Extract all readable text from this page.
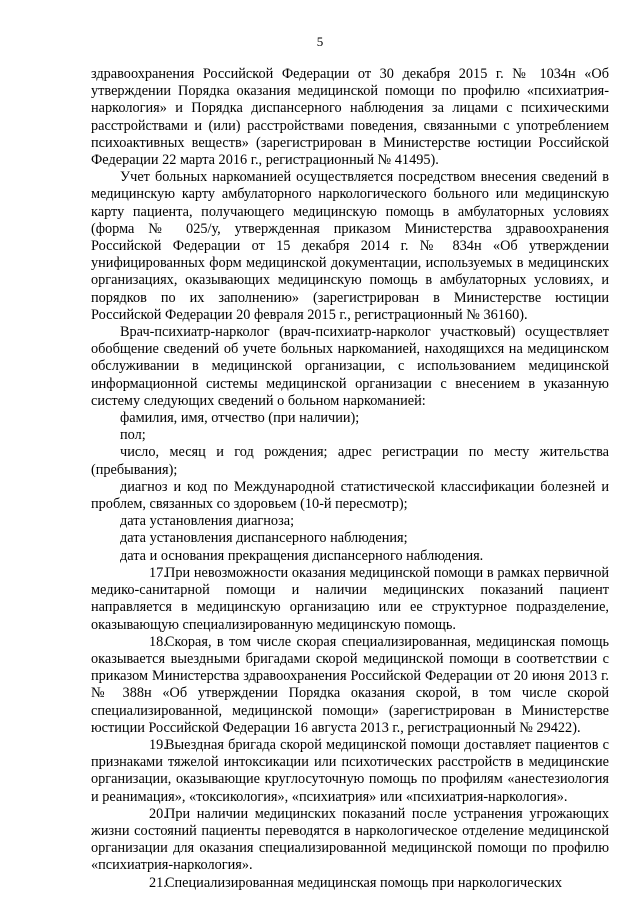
5

здравоохранения Российской Федерации от 30 декабря 2015 г. № 1034н «Об утверждении Порядка оказания медицинской помощи по профилю «психиатрия-наркология» и Порядка диспансерного наблюдения за лицами с психическими расстройствами и (или) расстройствами поведения, связанными с употреблением психоактивных веществ» (зарегистрирован в Министерстве юстиции Российской Федерации 22 марта 2016 г., регистрационный № 41495).

Учет больных наркоманией осуществляется посредством внесения сведений в медицинскую карту амбулаторного наркологического больного или медицинскую карту пациента, получающего медицинскую помощь в амбулаторных условиях (форма № 025/у, утвержденная приказом Министерства здравоохранения Российской Федерации от 15 декабря 2014 г. № 834н «Об утверждении унифицированных форм медицинской документации, используемых в медицинских организациях, оказывающих медицинскую помощь в амбулаторных условиях, и порядков по их заполнению» (зарегистрирован в Министерстве юстиции Российской Федерации 20 февраля 2015 г., регистрационный № 36160).

Врач-психиатр-нарколог (врач-психиатр-нарколог участковый) осуществляет обобщение сведений об учете больных наркоманией, находящихся на медицинском обслуживании в медицинской организации, с использованием медицинской информационной системы медицинской организации с внесением в указанную систему следующих сведений о больном наркоманией:

фамилия, имя, отчество (при наличии);

пол;

число, месяц и год рождения; адрес регистрации по месту жительства (пребывания);

диагноз и код по Международной статистической классификации болезней и проблем, связанных со здоровьем (10-й пересмотр);

дата установления диагноза;

дата установления диспансерного наблюдения;

дата и основания прекращения диспансерного наблюдения.

17.При невозможности оказания медицинской помощи в рамках первичной медико-санитарной помощи и наличии медицинских показаний пациент направляется в медицинскую организацию или ее структурное подразделение, оказывающую специализированную медицинскую помощь.

18.Скорая, в том числе скорая специализированная, медицинская помощь оказывается выездными бригадами скорой медицинской помощи в соответствии с приказом Министерства здравоохранения Российской Федерации от 20 июня 2013 г. № 388н «Об утверждении Порядка оказания скорой, в том числе скорой специализированной, медицинской помощи» (зарегистрирован в Министерстве юстиции Российской Федерации 16 августа 2013 г., регистрационный № 29422).

19.Выездная бригада скорой медицинской помощи доставляет пациентов с признаками тяжелой интоксикации или психотических расстройств в медицинские организации, оказывающие круглосуточную помощь по профилям «анестезиология и реанимация», «токсикология», «психиатрия» или «психиатрия-наркология».

20.При наличии медицинских показаний после устранения угрожающих жизни состояний пациенты переводятся в наркологическое отделение медицинской организации для оказания специализированной медицинской помощи по профилю «психиатрия-наркология».

21.Специализированная медицинская помощь при наркологических
